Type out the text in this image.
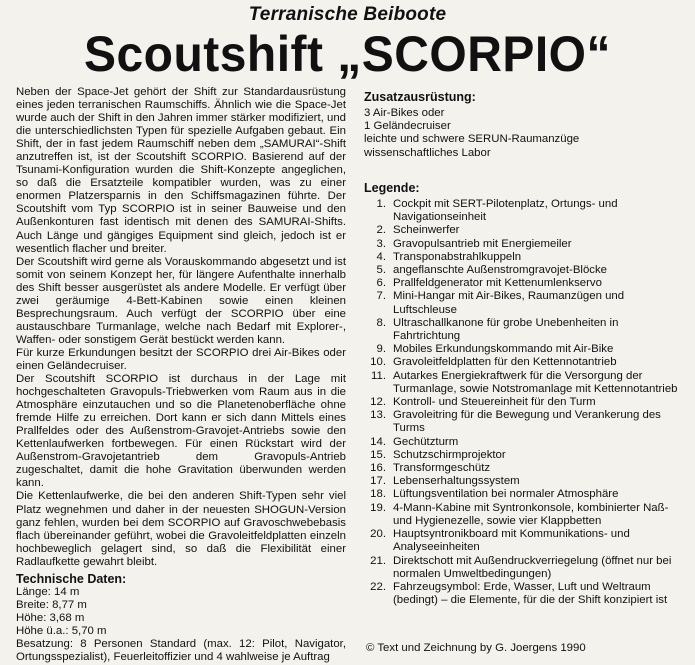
Terranische Beiboote
Scoutshift „SCORPIO“

Neben der Space-Jet gehört der Shift zur Standardausrüstung eines jeden terranischen Raumschiffs. Ähnlich wie die Space-Jet wurde auch der Shift in den Jahren immer stärker modifiziert, und die unterschiedlichsten Typen für spezielle Aufgaben gebaut. Ein Shift, der in fast jedem Raumschiff neben dem „SAMURAI“-Shift anzutreffen ist, ist der Scoutshift SCORPIO. Basierend auf der Tsunami-Konfiguration wurden die Shift-Konzepte angeglichen, so daß die Ersatzteile kompatibler wurden, was zu einer enormen Platzersparnis in den Schiffsmagazinen führte. Der Scoutshift vom Typ SCORPIO ist in seiner Bauweise und den Außenkonturen fast identisch mit denen des SAMURAI-Shifts. Auch Länge und gängiges Equipment sind gleich, jedoch ist er wesentlich flacher und breiter.

Der Scoutshift wird gerne als Vorauskommando abgesetzt und ist somit von seinem Konzept her, für längere Aufenthalte innerhalb des Shift besser ausgerüstet als andere Modelle. Er verfügt über zwei geräumige 4-Bett-Kabinen sowie einen kleinen Besprechungsraum. Auch verfügt der SCORPIO über eine austauschbare Turmanlage, welche nach Bedarf mit Explorer-, Waffen- oder sonstigem Gerät bestückt werden kann.

Für kurze Erkundungen besitzt der SCORPIO drei Air-Bikes oder einen Geländecruiser.

Der Scoutshift SCORPIO ist durchaus in der Lage mit hochgeschalteten Gravopuls-Triebwerken vom Raum aus in die Atmosphäre einzutauchen und so die Planetenoberfläche ohne fremde Hilfe zu erreichen. Dort kann er sich dann Mittels eines Prallfeldes oder des Außenstrom-Gravojet-Antriebs sowie den Kettenlaufwerken fortbewegen. Für einen Rückstart wird der Außenstrom-Gravojetantrieb dem Gravopuls-Antrieb zugeschaltet, damit die hohe Gravitation überwunden werden kann.

Die Kettenlaufwerke, die bei den anderen Shift-Typen sehr viel Platz wegnehmen und daher in der neuesten SHOGUN-Version ganz fehlen, wurden bei dem SCORPIO auf Gravoschwebebasis flach übereinander geführt, wobei die Gravoleitfeldplatten einzeln hochbeweglich gelagert sind, so daß die Flexibilität einer Radlaufkette gewahrt bleibt.

Technische Daten:

Länge: 14 m

Breite: 8,77 m

Höhe: 3,68 m

Höhe ü.a.: 5,70 m

Besatzung: 8 Personen Standard (max. 12: Pilot, Navigator, Ortungsspezialist), Feuerleitoffizier und 4 wahlweise je Auftrag

Zusatzausrüstung:

3 Air-Bikes oder

1 Geländecruiser

leichte und schwere SERUN-Raumanzüge

wissenschaftliches Labor

Legende:
1. Cockpit mit SERT-Pilotenplatz, Ortungs- und Navigationseinheit
2. Scheinwerfer
3. Gravopulsantrieb mit Energiemeiler
4. Transponabstrahlkuppeln
5. angeflanschte Außenstromgravojet-Blöcke
6. Prallfeldgenerator mit Kettenumlenkservo
7. Mini-Hangar mit Air-Bikes, Raumanzügen und Luftschleuse
8. Ultraschallkanone für grobe Unebenheiten in Fahrtrichtung
9. Mobiles Erkundungskommando mit Air-Bike
10. Gravoleitfeldplatten für den Kettennotantrieb
11. Autarkes Energiekraftwerk für die Versorgung der Turmanlage, sowie Notstromanlage mit Kettennotantrieb
12. Kontroll- und Steuereinheit für den Turm
13. Gravoleitring für die Bewegung und Verankerung des Turms
14. Gechützturm
15. Schutzschirmprojektor
16. Transformgeschütz
17. Lebenserhaltungssystem
18. Lüftungsventilation bei normaler Atmosphäre
19. 4-Mann-Kabine mit Syntronkonsole, kombinierter Naß- und Hygienezelle, sowie vier Klappbetten
20. Hauptsyntronikboard mit Kommunikations- und Analyseeinheiten
21. Direktschott mit Außendruckverriegelung (öffnet nur bei normalen Umweltbedingungen)
22. Fahrzeugsymbol: Erde, Wasser, Luft und Weltraum (bedingt) – die Elemente, für die der Shift konzipiert ist
© Text und Zeichnung by G. Joergens 1990
